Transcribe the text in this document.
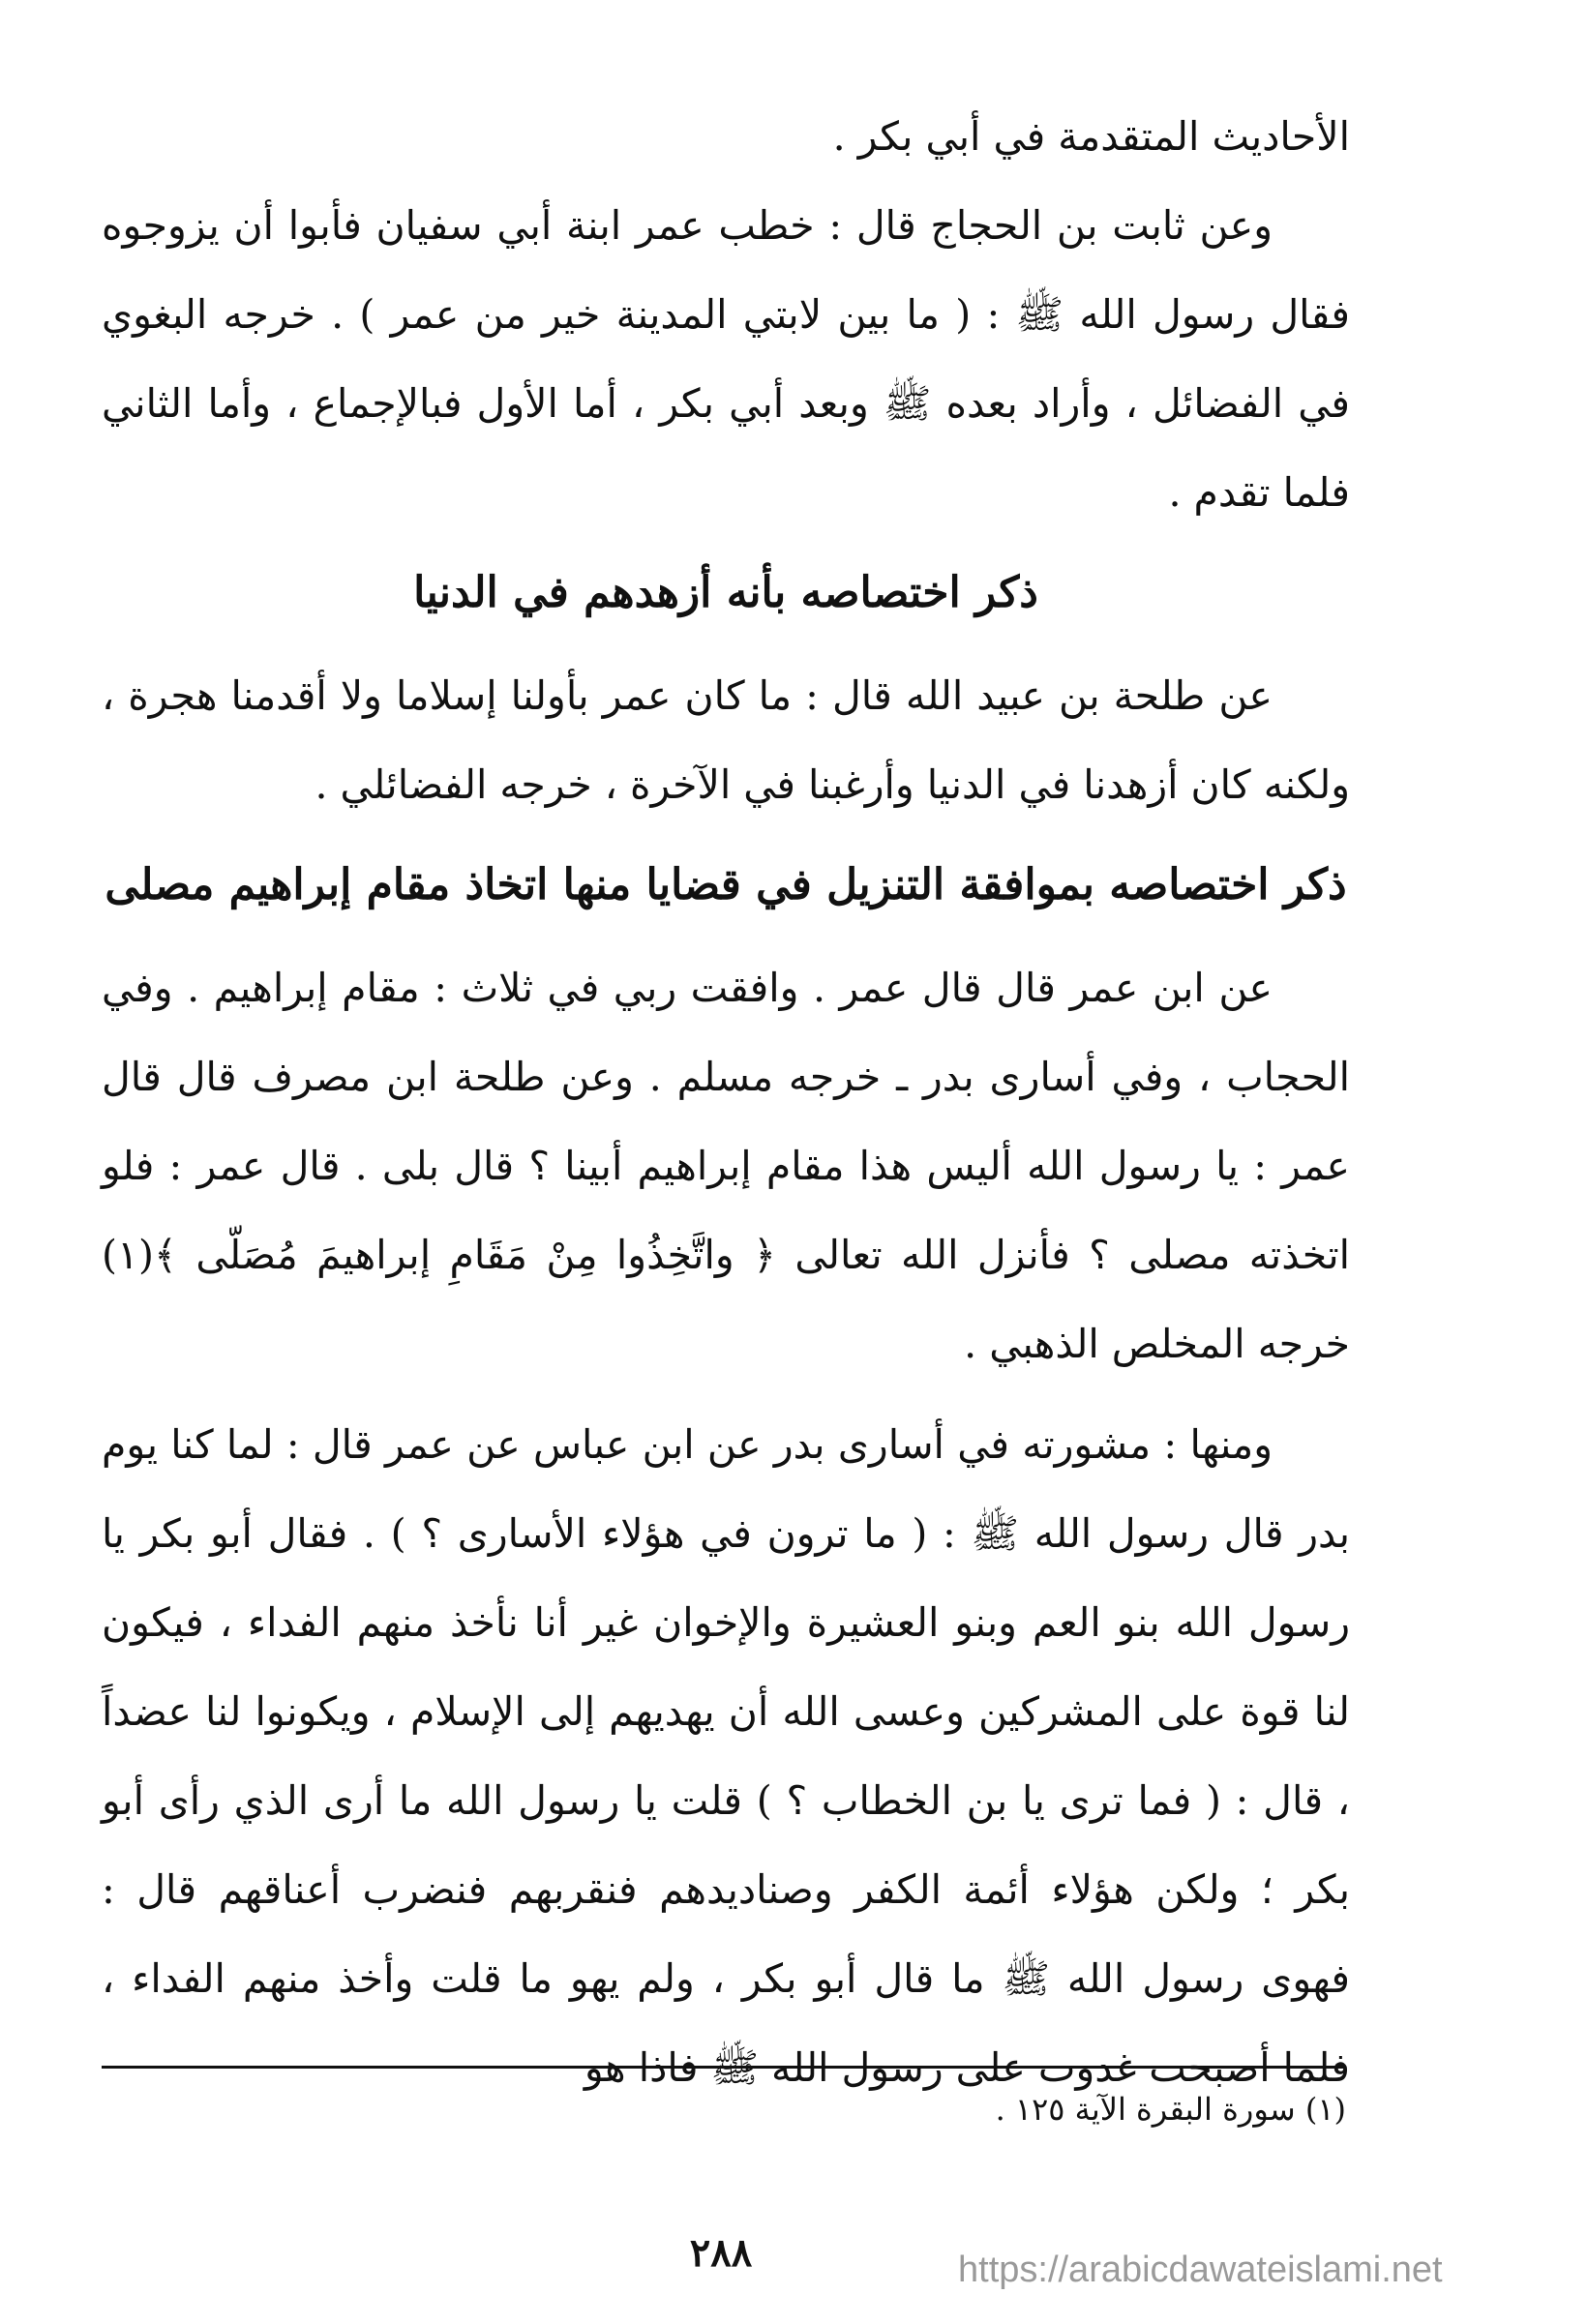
الأحاديث المتقدمة في أبي بكر .

وعن ثابت بن الحجاج قال : خطب عمر ابنة أبي سفيان فأبوا أن يزوجوه فقال رسول الله ﷺ : ( ما بين لابتي المدينة خير من عمر ) . خرجه البغوي في الفضائل ، وأراد بعده ﷺ وبعد أبي بكر ، أما الأول فبالإجماع ، وأما الثاني فلما تقدم .

ذكر اختصاصه بأنه أزهدهم في الدنيا

عن طلحة بن عبيد الله قال : ما كان عمر بأولنا إسلاما ولا أقدمنا هجرة ، ولكنه كان أزهدنا في الدنيا وأرغبنا في الآخرة ، خرجه الفضائلي .

ذكر اختصاصه بموافقة التنزيل في قضايا منها اتخاذ مقام إبراهيم مصلى

عن ابن عمر قال قال عمر . وافقت ربي في ثلاث : مقام إبراهيم . وفي الحجاب ، وفي أسارى بدر ـ خرجه مسلم . وعن طلحة ابن مصرف قال قال عمر : يا رسول الله أليس هذا مقام إبراهيم أبينا ؟ قال بلى . قال عمر : فلو اتخذته مصلى ؟ فأنزل الله تعالى ﴿ واتَّخِذُوا مِنْ مَقَامِ إبراهيمَ مُصَلّى ﴾(١) خرجه المخلص الذهبي .

ومنها : مشورته في أسارى بدر عن ابن عباس عن عمر قال : لما كنا يوم بدر قال رسول الله ﷺ : ( ما ترون في هؤلاء الأسارى ؟ ) . فقال أبو بكر يا رسول الله بنو العم وبنو العشيرة والإخوان غير أنا نأخذ منهم الفداء ، فيكون لنا قوة على المشركين وعسى الله أن يهديهم إلى الإسلام ، ويكونوا لنا عضداً ، قال : ( فما ترى يا بن الخطاب ؟ ) قلت يا رسول الله ما أرى الذي رأى أبو بكر ؛ ولكن هؤلاء أئمة الكفر وصناديدهم فنقربهم فنضرب أعناقهم قال : فهوى رسول الله ﷺ ما قال أبو بكر ، ولم يهو ما قلت وأخذ منهم الفداء ، فلما أصبحت غدوت على رسول الله ﷺ فاذا هو

(١) سورة البقرة الآية ١٢٥ .
٢٨٨	https://arabicdawateislami.net
